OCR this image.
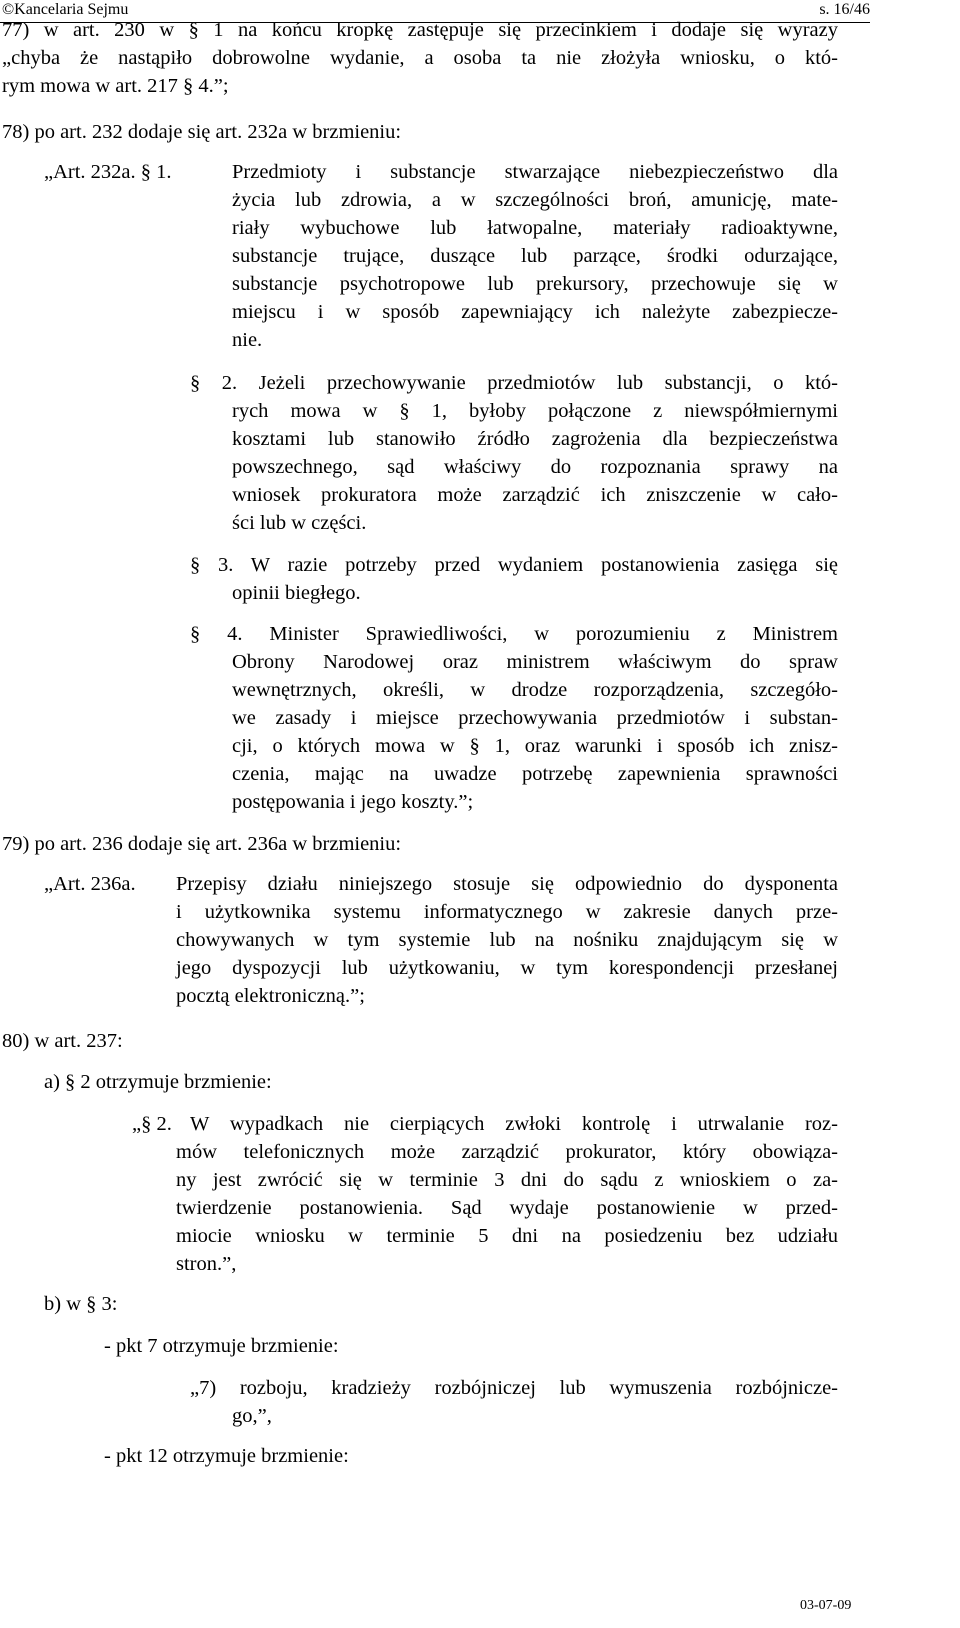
©Kancelaria Sejmu	s. 16/46
77) w art. 230 w § 1 na końcu kropkę zastępuje się przecinkiem i dodaje się wyrazy
„chyba że nastąpiło dobrowolne wydanie, a osoba ta nie złożyła wniosku, o któ-
rym mowa w art. 217 § 4.”;
78) po art. 232 dodaje się art. 232a w brzmieniu:
„Art. 232a. § 1.	Przedmioty i substancje stwarzające niebezpieczeństwo dla
życia lub zdrowia, a w szczególności broń, amunicję, mate-
riały wybuchowe lub łatwopalne, materiały radioaktywne,
substancje trujące, duszące lub parzące, środki odurzające,
substancje psychotropowe lub prekursory, przechowuje się w
miejscu i w sposób zapewniający ich należyte zabezpiecze-
nie.
§ 2. Jeżeli przechowywanie przedmiotów lub substancji, o któ-
rych mowa w § 1, byłoby połączone z niewspółmiernymi
kosztami lub stanowiło źródło zagrożenia dla bezpieczeństwa
powszechnego, sąd właściwy do rozpoznania sprawy na
wniosek prokuratora może zarządzić ich zniszczenie w cało-
ści lub w części.
§ 3. W razie potrzeby przed wydaniem postanowienia zasięga się
opinii biegłego.
§ 4. Minister Sprawiedliwości, w porozumieniu z Ministrem
Obrony Narodowej oraz ministrem właściwym do spraw
wewnętrznych, określi, w drodze rozporządzenia, szczegóło-
we zasady i miejsce przechowywania przedmiotów i substan-
cji, o których mowa w § 1, oraz warunki i sposób ich znisz-
czenia, mając na uwadze potrzebę zapewnienia sprawności
postępowania i jego koszty.”;
79) po art. 236 dodaje się art. 236a w brzmieniu:
„Art. 236a. Przepisy działu niniejszego stosuje się odpowiednio do dysponenta
i użytkownika systemu informatycznego w zakresie danych prze-
chowywanych w tym systemie lub na nośniku znajdującym się w
jego dyspozycji lub użytkowaniu, w tym korespondencji przesłanej
pocztą elektroniczną.”;
80) w art. 237:
a) § 2 otrzymuje brzmienie:
„§ 2. W wypadkach nie cierpiących zwłoki kontrolę i utrwalanie roz-
mów telefonicznych może zarządzić prokurator, który obowiąza-
ny jest zwrócić się w terminie 3 dni do sądu z wnioskiem o za-
twierdzenie postanowienia. Sąd wydaje postanowienie w przed-
miocie wniosku w terminie 5 dni na posiedzeniu bez udziału
stron.”,
b) w § 3:
- pkt 7 otrzymuje brzmienie:
„7) rozboju, kradzieży rozbójniczej lub wymuszenia rozbójnicze-
go,”,
- pkt 12 otrzymuje brzmienie:
03-07-09
